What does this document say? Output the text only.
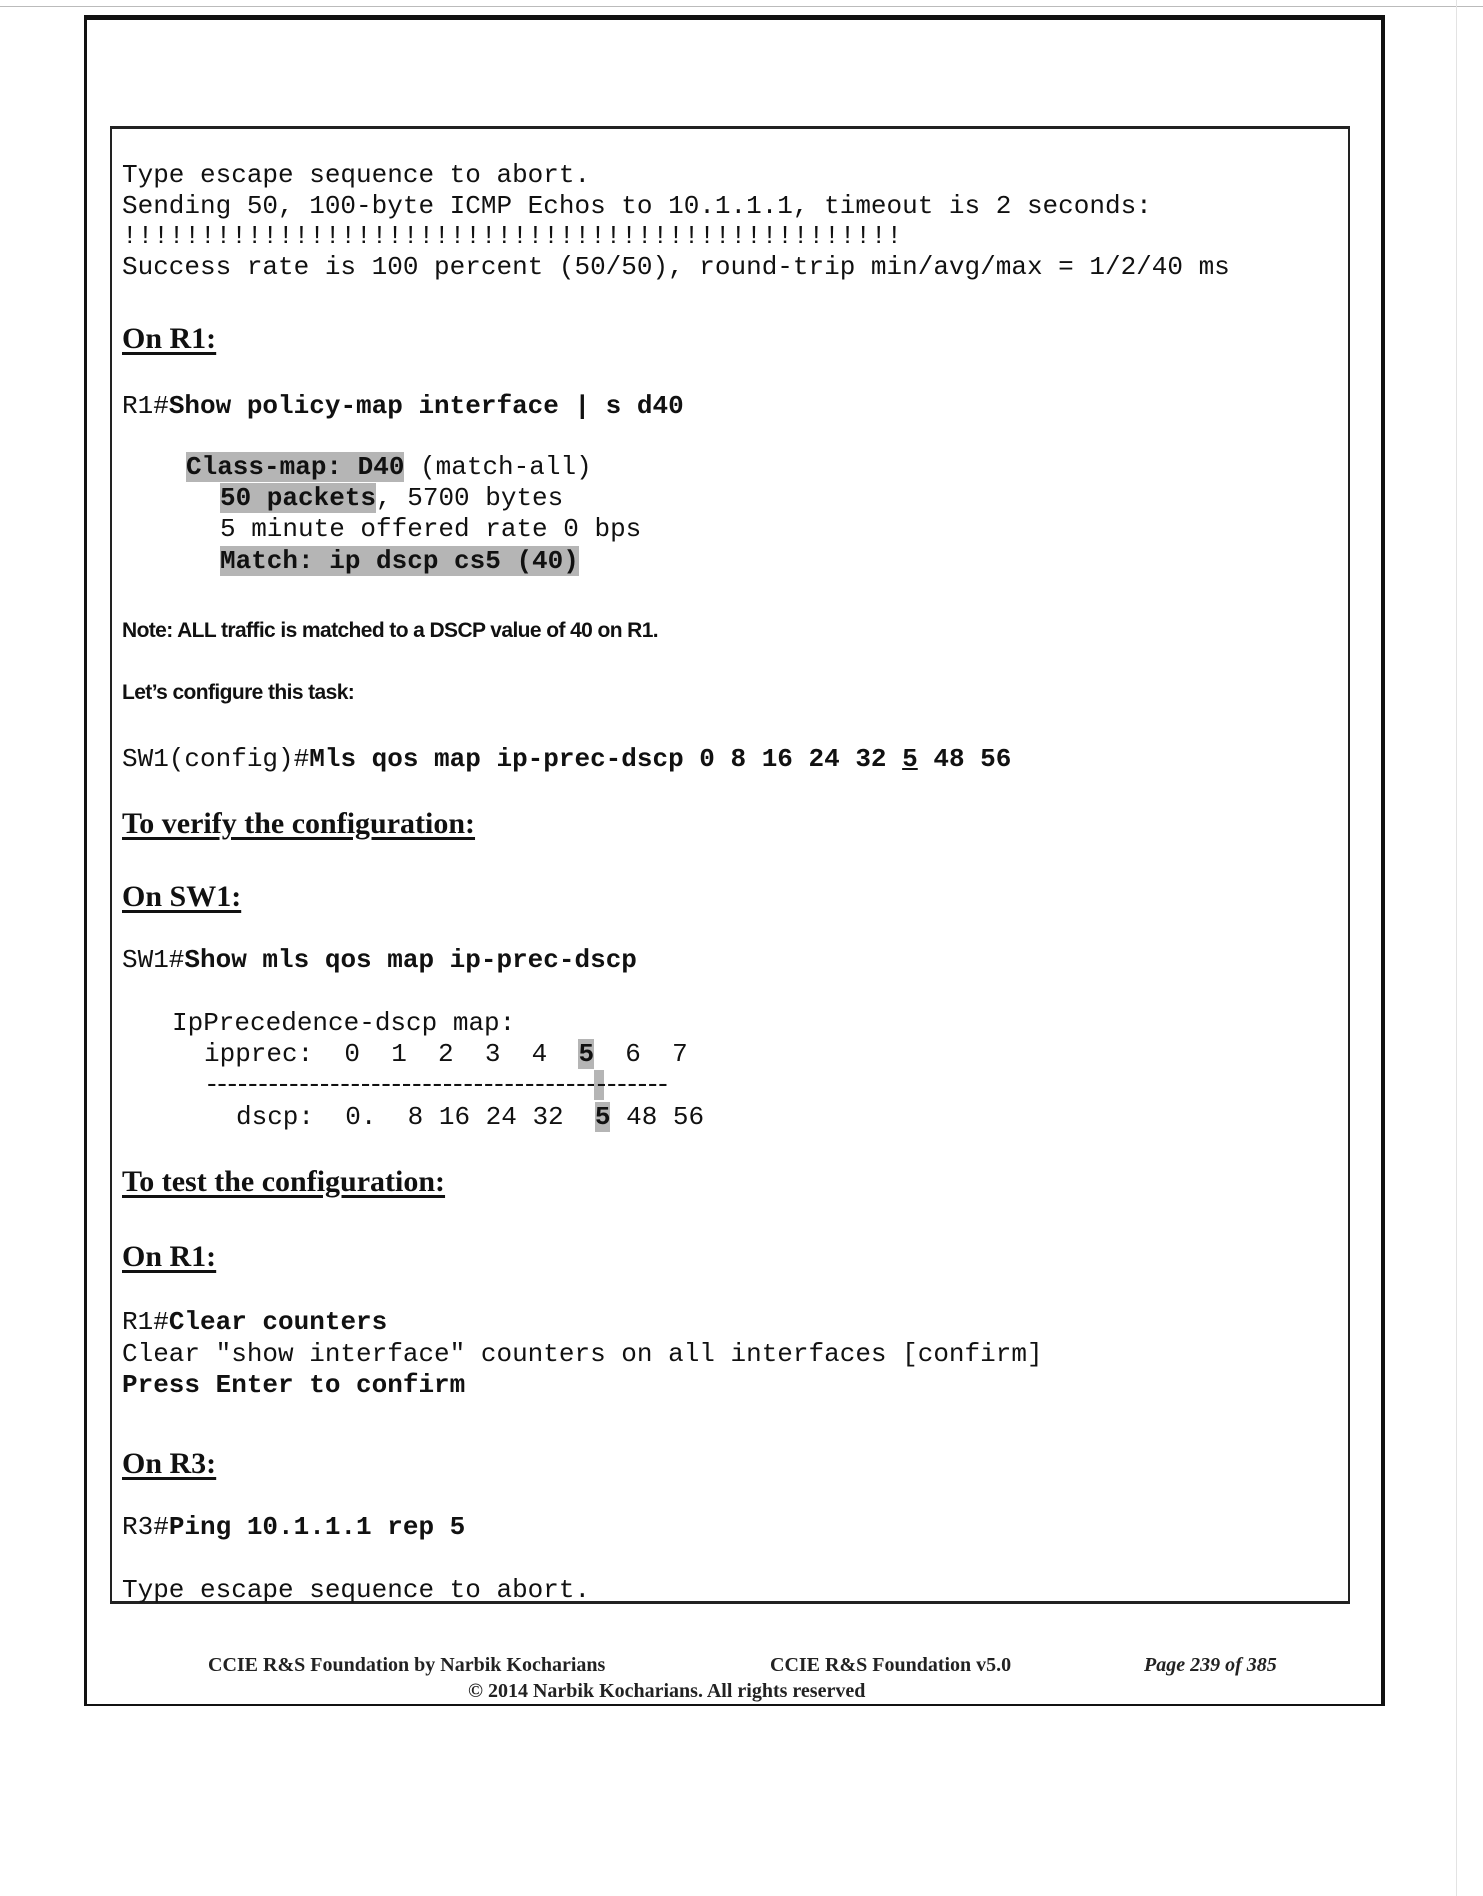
Type escape sequence to abort.
Sending 50, 100-byte ICMP Echos to 10.1.1.1, timeout is 2 seconds:
!!!!!!!!!!!!!!!!!!!!!!!!!!!!!!!!!!!!!!!!!!!!!!!!!!
Success rate is 100 percent (50/50), round-trip min/avg/max = 1/2/40 ms
On R1:
R1#Show policy-map interface | s d40
Class-map: D40 (match-all)
50 packets, 5700 bytes
5 minute offered rate 0 bps
Match: ip dscp cs5 (40)
Note: ALL traffic is matched to a DSCP value of 40 on R1.
Let’s configure this task:
SW1(config)#Mls qos map ip-prec-dscp 0 8 16 24 32 5 48 56
To verify the configuration:
On SW1:
SW1#Show mls qos map ip-prec-dscp
IpPrecedence-dscp map:
ipprec:  0  1  2  3  4  5  6  7
---------------------------------------------
dscp:  0.  8 16 24 32  5 48 56
To test the configuration:
On R1:
R1#Clear counters
Clear "show interface" counters on all interfaces [confirm]
Press Enter to confirm
On R3:
R3#Ping 10.1.1.1 rep 5
Type escape sequence to abort.
CCIE R&S Foundation by Narbik Kocharians	CCIE R&S Foundation v5.0	Page 239 of 385
© 2014 Narbik Kocharians. All rights reserved
